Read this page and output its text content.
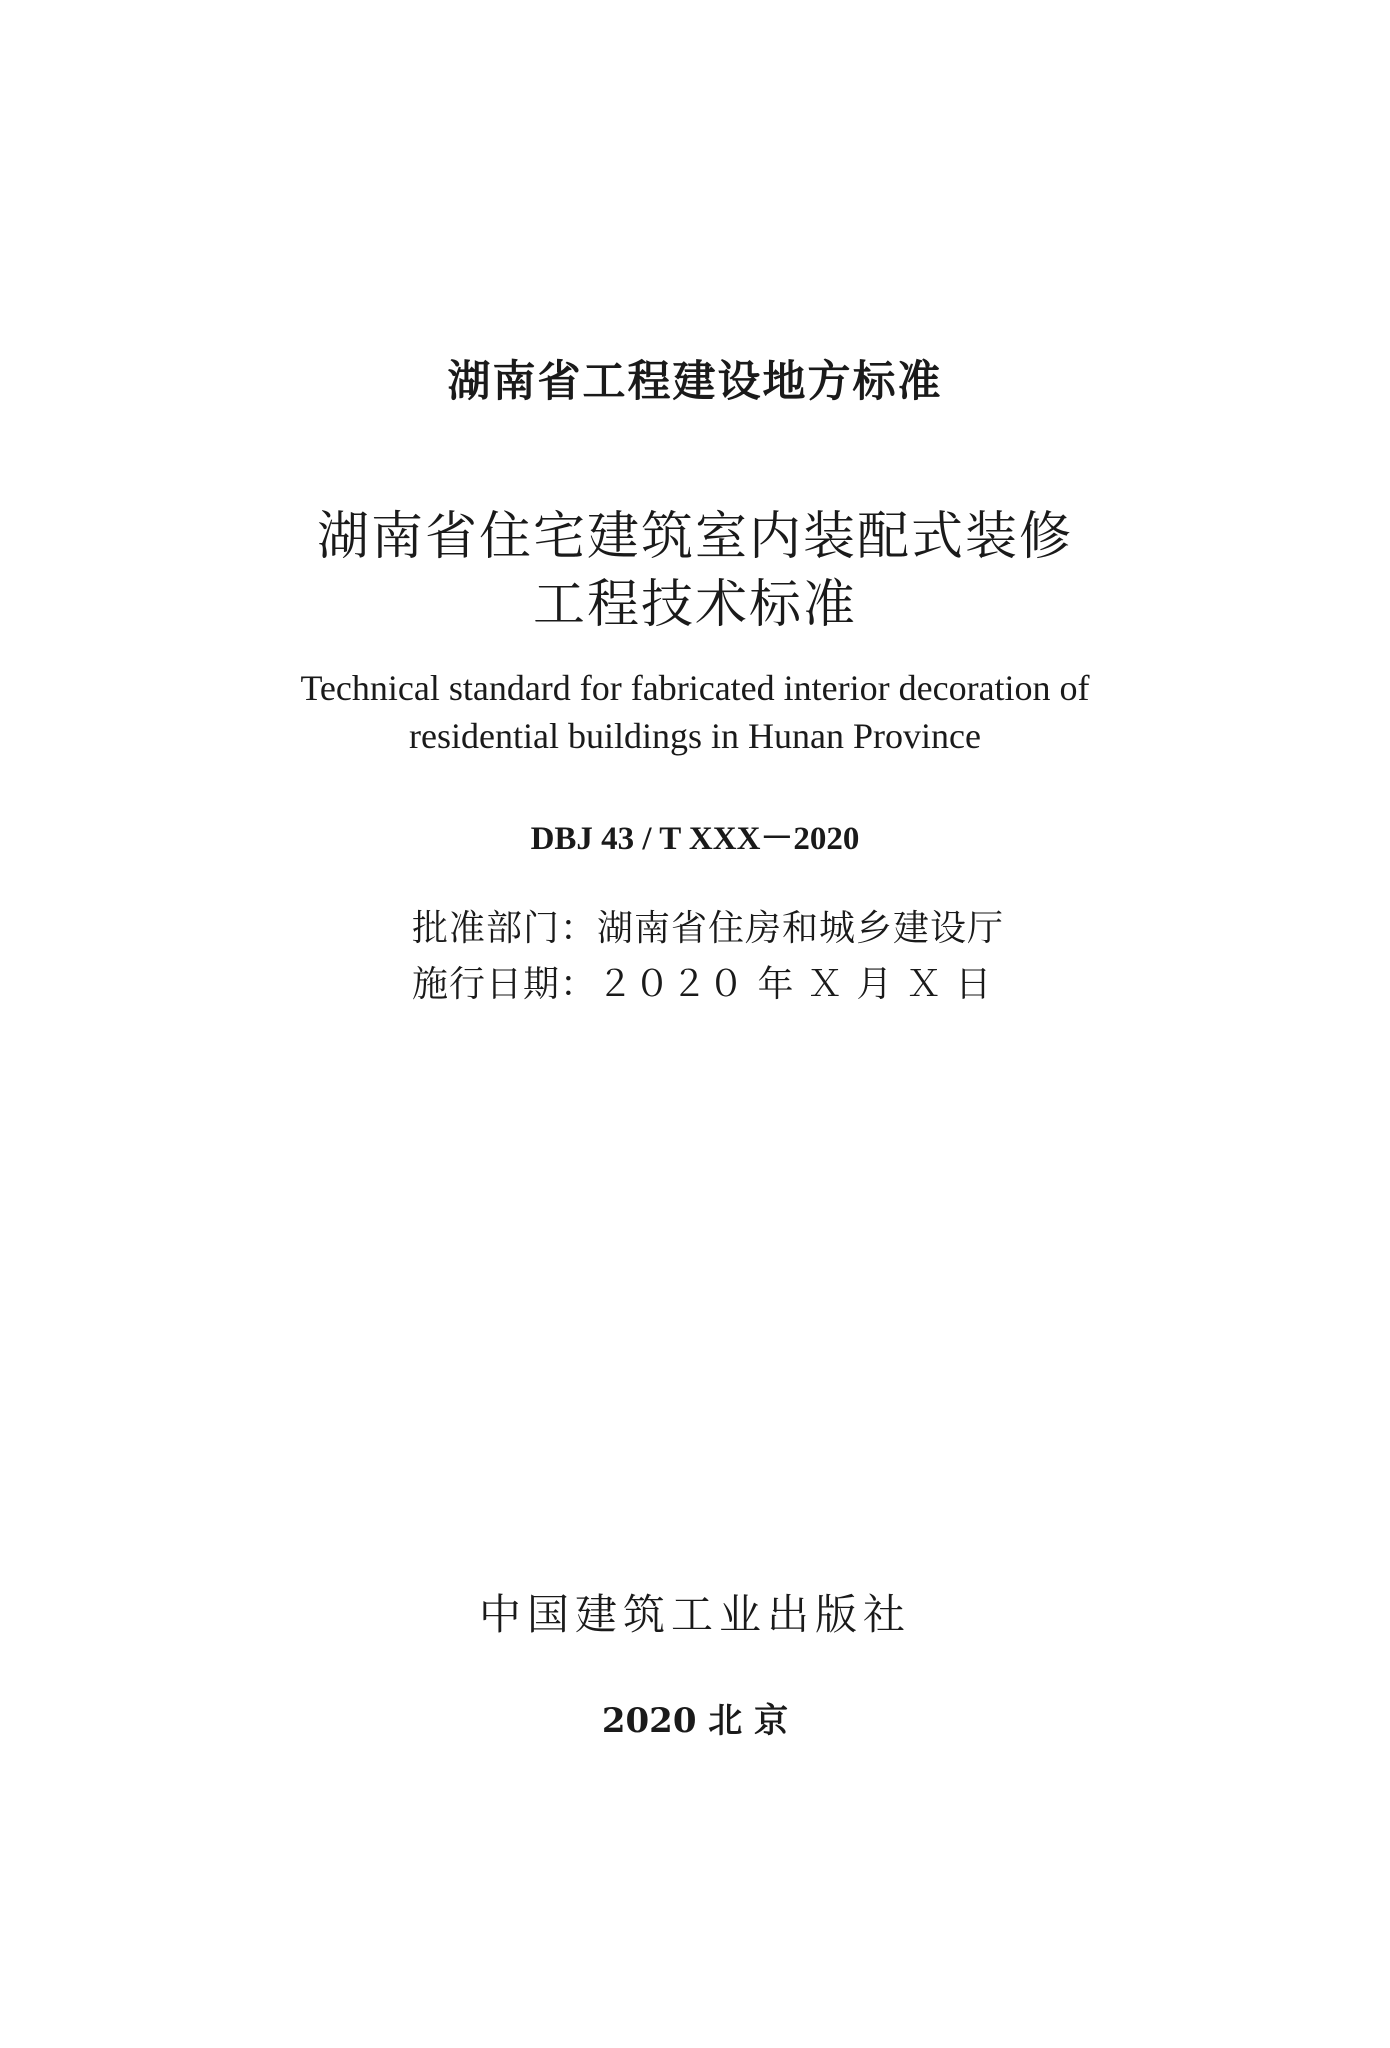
湖南省工程建设地方标准

湖南省住宅建筑室内装配式装修

工程技术标准

Technical standard for fabricated interior decoration of

residential buildings in Hunan Province

DBJ 43 / T XXX－2020

批准部门：湖南省住房和城乡建设厅

施行日期：２０２０ 年 Ｘ 月 Ｘ 日

中国建筑工业出版社

2020 北 京
